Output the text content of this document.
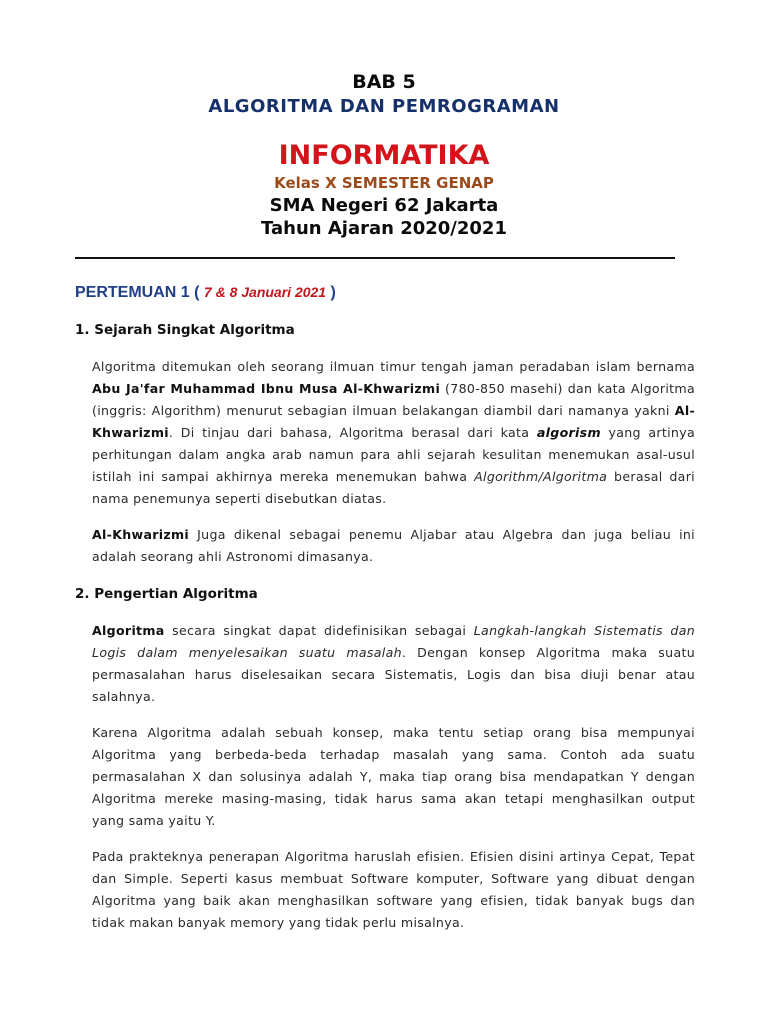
BAB 5
ALGORITMA DAN PEMROGRAMAN
INFORMATIKA
Kelas X SEMESTER GENAP
SMA Negeri 62 Jakarta
Tahun Ajaran 2020/2021
PERTEMUAN 1 ( 7 & 8 Januari 2021 )
1. Sejarah Singkat Algoritma

Algoritma ditemukan oleh seorang ilmuan timur tengah jaman peradaban islam bernama Abu Ja'far Muhammad Ibnu Musa Al-Khwarizmi (780-850 masehi) dan kata Algoritma (inggris: Algorithm) menurut sebagian ilmuan belakangan diambil dari namanya yakni Al-Khwarizmi. Di tinjau dari bahasa, Algoritma berasal dari kata algorism yang artinya perhitungan dalam angka arab namun para ahli sejarah kesulitan menemukan asal-usul istilah ini sampai akhirnya mereka menemukan bahwa Algorithm/Algoritma berasal dari nama penemunya seperti disebutkan diatas.

Al-Khwarizmi Juga dikenal sebagai penemu Aljabar atau Algebra dan juga beliau ini adalah seorang ahli Astronomi dimasanya.

2. Pengertian Algoritma

Algoritma secara singkat dapat didefinisikan sebagai Langkah-langkah Sistematis dan Logis dalam menyelesaikan suatu masalah. Dengan konsep Algoritma maka suatu permasalahan harus diselesaikan secara Sistematis, Logis dan bisa diuji benar atau salahnya.

Karena Algoritma adalah sebuah konsep, maka tentu setiap orang bisa mempunyai Algoritma yang berbeda-beda terhadap masalah yang sama. Contoh ada suatu permasalahan X dan solusinya adalah Y, maka tiap orang bisa mendapatkan Y dengan Algoritma mereke masing-masing, tidak harus sama akan tetapi menghasilkan output yang sama yaitu Y.

Pada prakteknya penerapan Algoritma haruslah efisien. Efisien disini artinya Cepat, Tepat dan Simple. Seperti kasus membuat Software komputer, Software yang dibuat dengan Algoritma yang baik akan menghasilkan software yang efisien, tidak banyak bugs dan tidak makan banyak memory yang tidak perlu misalnya.
